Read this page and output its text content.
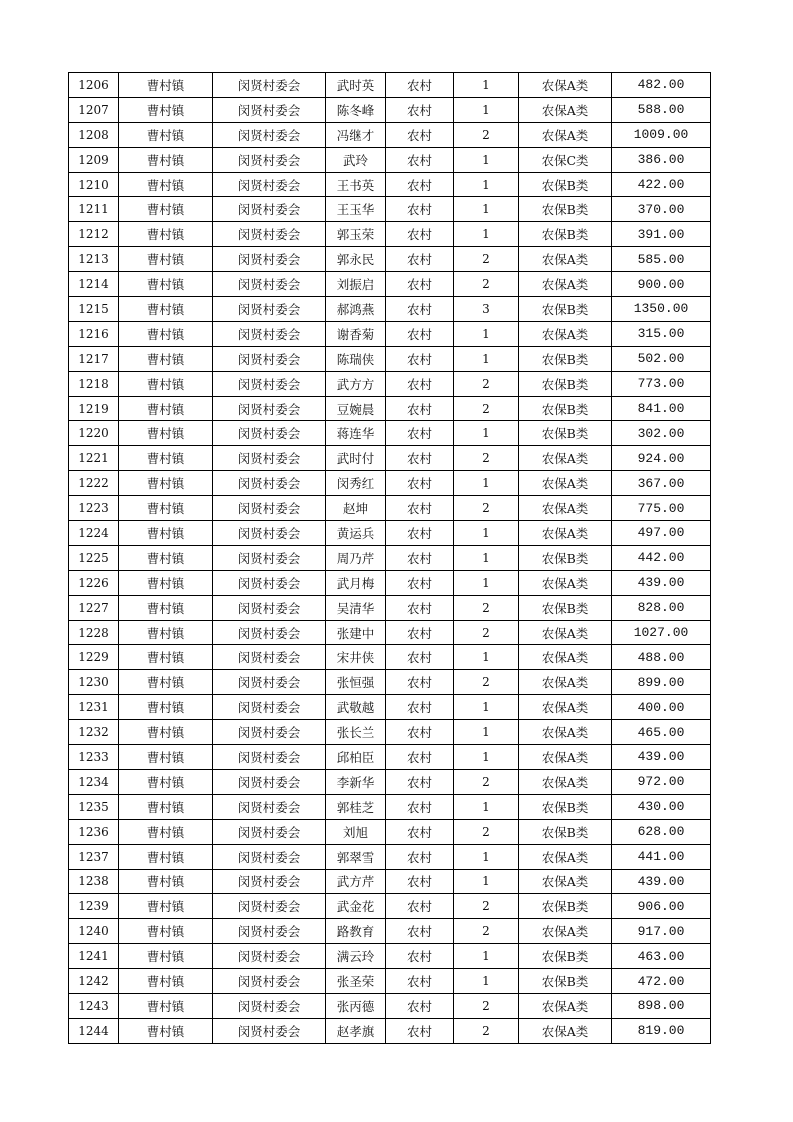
1206	曹村镇	闵贤村委会	武时英	农村	1	农保A类	482.00
1207	曹村镇	闵贤村委会	陈冬峰	农村	1	农保A类	588.00
1208	曹村镇	闵贤村委会	冯继才	农村	2	农保A类	1009.00
1209	曹村镇	闵贤村委会	武玲	农村	1	农保C类	386.00
1210	曹村镇	闵贤村委会	王书英	农村	1	农保B类	422.00
1211	曹村镇	闵贤村委会	王玉华	农村	1	农保B类	370.00
1212	曹村镇	闵贤村委会	郭玉荣	农村	1	农保B类	391.00
1213	曹村镇	闵贤村委会	郭永民	农村	2	农保A类	585.00
1214	曹村镇	闵贤村委会	刘振启	农村	2	农保A类	900.00
1215	曹村镇	闵贤村委会	郝鸿燕	农村	3	农保B类	1350.00
1216	曹村镇	闵贤村委会	谢香菊	农村	1	农保A类	315.00
1217	曹村镇	闵贤村委会	陈瑞侠	农村	1	农保B类	502.00
1218	曹村镇	闵贤村委会	武方方	农村	2	农保B类	773.00
1219	曹村镇	闵贤村委会	豆婉晨	农村	2	农保B类	841.00
1220	曹村镇	闵贤村委会	蒋连华	农村	1	农保B类	302.00
1221	曹村镇	闵贤村委会	武时付	农村	2	农保A类	924.00
1222	曹村镇	闵贤村委会	闵秀红	农村	1	农保A类	367.00
1223	曹村镇	闵贤村委会	赵坤	农村	2	农保A类	775.00
1224	曹村镇	闵贤村委会	黄运兵	农村	1	农保A类	497.00
1225	曹村镇	闵贤村委会	周乃芹	农村	1	农保B类	442.00
1226	曹村镇	闵贤村委会	武月梅	农村	1	农保A类	439.00
1227	曹村镇	闵贤村委会	吴清华	农村	2	农保B类	828.00
1228	曹村镇	闵贤村委会	张建中	农村	2	农保A类	1027.00
1229	曹村镇	闵贤村委会	宋井侠	农村	1	农保A类	488.00
1230	曹村镇	闵贤村委会	张恒强	农村	2	农保A类	899.00
1231	曹村镇	闵贤村委会	武敬越	农村	1	农保A类	400.00
1232	曹村镇	闵贤村委会	张长兰	农村	1	农保A类	465.00
1233	曹村镇	闵贤村委会	邱柏臣	农村	1	农保A类	439.00
1234	曹村镇	闵贤村委会	李新华	农村	2	农保A类	972.00
1235	曹村镇	闵贤村委会	郭桂芝	农村	1	农保B类	430.00
1236	曹村镇	闵贤村委会	刘旭	农村	2	农保B类	628.00
1237	曹村镇	闵贤村委会	郭翠雪	农村	1	农保A类	441.00
1238	曹村镇	闵贤村委会	武方芹	农村	1	农保A类	439.00
1239	曹村镇	闵贤村委会	武金花	农村	2	农保B类	906.00
1240	曹村镇	闵贤村委会	路教育	农村	2	农保A类	917.00
1241	曹村镇	闵贤村委会	满云玲	农村	1	农保B类	463.00
1242	曹村镇	闵贤村委会	张圣荣	农村	1	农保B类	472.00
1243	曹村镇	闵贤村委会	张丙德	农村	2	农保A类	898.00
1244	曹村镇	闵贤村委会	赵孝旗	农村	2	农保A类	819.00
